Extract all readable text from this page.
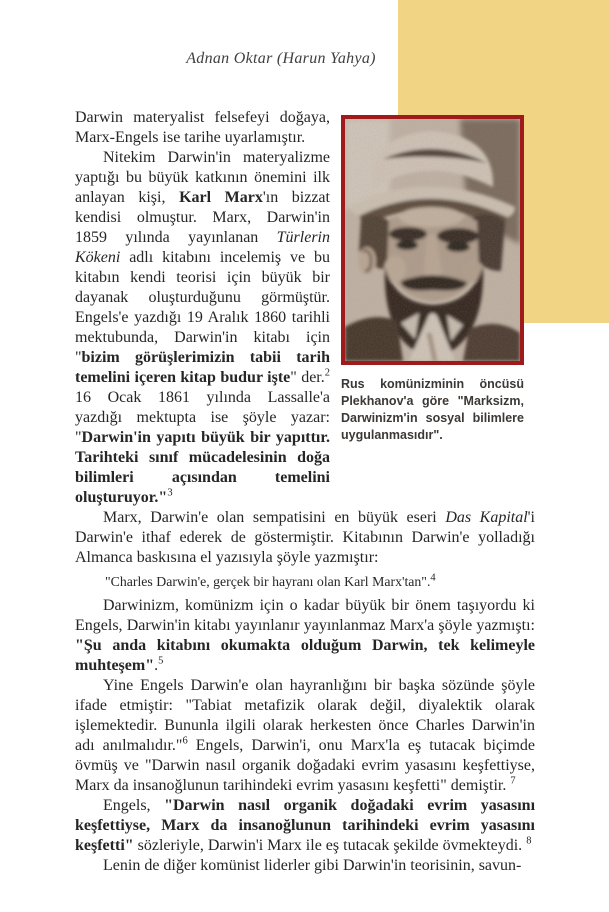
Adnan Oktar (Harun Yahya)
Rus komünizminin öncüsü Plekhanov'a göre "Marksizm, Darwinizm'in sosyal bilimlere uygulanmasıdır".

Darwin materyalist felsefeyi doğaya, Marx-Engels ise tarihe uyarlamıştır.

Nitekim Darwin'in materyalizme yaptığı bu büyük katkının önemini ilk anlayan kişi, Karl Marx'ın bizzat kendisi olmuştur. Marx, Darwin'in 1859 yılında yayınlanan Türlerin Kökeni adlı kitabını incelemiş ve bu kitabın kendi teorisi için büyük bir dayanak oluşturduğunu görmüştür. Engels'e yazdığı 19 Aralık 1860 tarihli mektubunda, Darwin'in kitabı için "bizim görüşlerimizin tabii tarih temelini içeren kitap budur işte" der.$^2$ 16 Ocak 1861 yılında Lassalle'a yazdığı mektupta ise şöyle yazar: "Darwin'in yapıtı büyük bir yapıttır. Tarihteki sınıf mücadelesinin doğa bilimleri açısından temelini oluşturuyor."$^3$

Marx, Darwin'e olan sempatisini en büyük eseri Das Kapital'i Darwin'e ithaf ederek de göstermiştir. Kitabının Darwin'e yolladığı Almanca baskısına el yazısıyla şöyle yazmıştır:

"Charles Darwin'e, gerçek bir hayranı olan Karl Marx'tan".$^4$

Darwinizm, komünizm için o kadar büyük bir önem taşıyordu ki Engels, Darwin'in kitabı yayınlanır yayınlanmaz Marx'a şöyle yazmıştı: "Şu anda kitabını okumakta olduğum Darwin, tek kelimeyle muhteşem".$^5$

Yine Engels Darwin'e olan hayranlığını bir başka sözünde şöyle ifade etmiştir: "Tabiat metafizik olarak değil, diyalektik olarak işlemektedir. Bununla ilgili olarak herkesten önce Charles Darwin'in adı anılmalıdır."$^6$ Engels, Darwin'i, onu Marx'la eş tutacak biçimde övmüş ve "Darwin nasıl organik doğadaki evrim yasasını keşfettiyse, Marx da insanoğlunun tarihindeki evrim yasasını keşfetti" demiştir. $^7$

Engels, "Darwin nasıl organik doğadaki evrim yasasını keşfettiyse, Marx da insanoğlunun tarihindeki evrim yasasını keşfetti" sözleriyle, Darwin'i Marx ile eş tutacak şekilde övmekteydi. $^8$

Lenin de diğer komünist liderler gibi Darwin'in teorisinin, savun-
